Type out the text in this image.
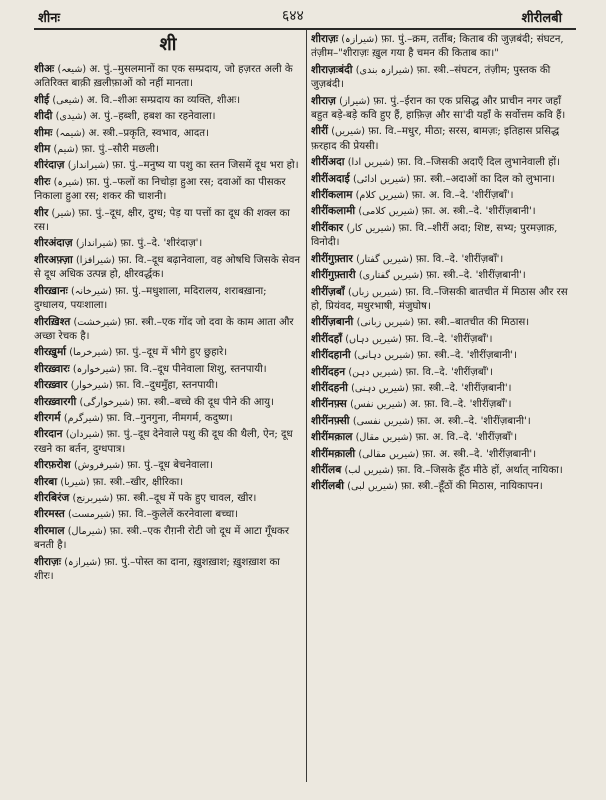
शीनः	६४४	शीरीलबी
शी
शीअः (شیعہ) अ. पुं.–मुसलमानों का एक सम्प्रदाय, जो हज़रत अली के अतिरिक्त बाक़ी ख़लीफ़ाओं को नहीं मानता।
शीई (شیعی) अ. वि.–शीअः सम्प्रदाय का व्यक्ति, शीअः।
शीदी (شیدی) अ. पुं.–हब्शी, हबश का रहनेवाला।
शीमः (شیمہ) अ. स्त्री.–प्रकृति, स्वभाव, आदत।
शीम (شیم) फ़ा. पुं.–सौरी मछली।
शीरंदाज़ (شیرانداز) फ़ा. पुं.–मनुष्य या पशु का स्तन जिसमें दूध भरा हो।
शीरः (شیرہ) फ़ा. पुं.–फलों का निचोड़ा हुआ रस; दवाओं का पीसकर निकाला हुआ रस; शकर की चाशनी।
शीर (شیر) फ़ा. पुं.–दूध, क्षीर, दुग्ध; पेड़ या पत्तों का दूध की शक्ल का रस।
शीरअंदाज़ (شیرانداز) फ़ा. पुं.–दे. 'शीरंदाज़'।
शीरअफ़्ज़ा (شیرافزا) फ़ा. वि.–दूध बढ़ानेवाला, वह ओषधि जिसके सेवन से दूध अधिक उत्पन्न हो, क्षीरवर्द्धक।
शीरख़ानः (شیرخانہ) फ़ा. पुं.–मधुशाला, मदिरालय, शराबख़ाना; दुग्धालय, पयःशाला।
शीरख़िश्त (شیرخشت) फ़ा. स्त्री.–एक गोंद जो दवा के काम आता और अच्छा रेचक है।
शीरख़ुर्मा (شیرخرما) फ़ा. पुं.–दूध में भीगे हुए छुहारे।
शीरख़्वारः (شیرخوارہ) फ़ा. वि.–दूध पीनेवाला शिशु, स्तनपायी।
शीरख़्वार (شیرخوار) फ़ा. वि.–दुधमुँहा, स्तनपायी।
शीरख़्वारगी (شیرخوارگی) फ़ा. स्त्री.–बच्चे की दूध पीने की आयु।
शीरगर्म (شیرگرم) फ़ा. वि.–गुनगुना, नीमगर्म, कदुष्ण।
शीरदान (شیردان) फ़ा. पुं.–दूध देनेवाले पशु की दूध की थैली, ऐन; दूध रखने का बर्तन, दुग्धपात्र।
शीरफ़रोश (شیرفروش) फ़ा. पुं.–दूध बेचनेवाला।
शीरबा (شیربا) फ़ा. स्त्री.–खीर, क्षीरिका।
शीरबिरंज (شیربرنج) फ़ा. स्त्री.–दूध में पके हुए चावल, खीर।
शीरमस्त (شیرمست) फ़ा. वि.–कुलेलें करनेवाला बच्चा।
शीरमाल (شیرمال) फ़ा. स्त्री.–एक रौग़नी रोटी जो दूध में आटा गूँधकर बनती है।
शीराज़ः (شیرازہ) फ़ा. पुं.–पोस्त का दाना, ख़ुशख़ाश; ख़ुशख़ाश का शीरः।
शीराज़ः (شیرازہ) फ़ा. पुं.–क्रम, तर्तीब; किताब की जुज़बंदी; संघटन, तंज़ीम–"शीराज़ः ख़ुल गया है चमन की किताब का।"
शीराज़ःबंदी (شیرازہ بندی) फ़ा. स्त्री.–संघटन, तंज़ीम; पुस्तक की जुज़बंदी।
शीराज़ (شیراز) फ़ा. पुं.–ईरान का एक प्रसिद्ध और प्राचीन नगर जहाँ बहुत बड़े-बड़े कवि हुए हैं, हाफ़िज़ और सा'दी यहाँ के सर्वोत्तम कवि हैं।
शीरीं (شیریں) फ़ा. वि.–मधुर, मीठा; सरस, बामज़ः; इतिहास प्रसिद्ध फ़रहाद की प्रेयसी।
शीरींअदा (شیریں ادا) फ़ा. वि.–जिसकी अदाएँ दिल लुभानेवाली हों।
शीरींअदाई (شیریں ادائی) फ़ा. स्त्री.–अदाओं का दिल को लुभाना।
शीरींकलाम (شیریں کلام) फ़ा. अ. वि.–दे. 'शीरींज़बाँ'।
शीरींकलामी (شیریں کلامی) फ़ा. अ. स्त्री.–दे. 'शीरींज़बानी'।
शीरींकार (شیریں کار) फ़ा. वि.–शीरीं अदा; शिष्ट, सभ्य; पुरमज़ाक़, विनोदी।
शीरींगुफ़्तार (شیریں گفتار) फ़ा. वि.–दे. 'शीरींज़बाँ'।
शीरींगुफ़्तारी (شیریں گفتاری) फ़ा. स्त्री.–दे. 'शीरींज़बानी'।
शीरींज़बाँ (شیریں زباں) फ़ा. वि.–जिसकी बातचीत में मिठास और रस हो, प्रियंवद, मधुरभाषी, मंजुघोष।
शीरींज़बानी (شیریں زبانی) फ़ा. स्त्री.–बातचीत की मिठास।
शीरींदहाँ (شیریں دہاں) फ़ा. वि.–दे. 'शीरींज़बाँ'।
शीरींदहानी (شیریں دہانی) फ़ा. स्त्री.–दे. 'शीरींज़बानी'।
शीरींदहन (شیریں دہن) फ़ा. वि.–दे. 'शीरींज़बाँ'।
शीरींदहनी (شیریں دہنی) फ़ा. स्त्री.–दे. 'शीरींज़बानी'।
शीरींनफ़्स (شیریں نفس) अ. फ़ा. वि.–दे. 'शीरींज़बाँ'।
शीरींनफ़्सी (شیریں نفسی) फ़ा. अ. स्त्री.–दे. 'शीरींज़बानी'।
शीरींमक़ाल (شیریں مقال) फ़ा. अ. वि.–दे. 'शीरींज़बाँ'।
शीरींमक़ाली (شیریں مقالی) फ़ा. अ. स्त्री.–दे. 'शीरींज़बानी'।
शीरींलब (شیریں لب) फ़ा. वि.–जिसके हूँठ मीठे हों, अर्थात् नायिका।
शीरींलबी (شیریں لبی) फ़ा. स्त्री.–हूँठों की मिठास, नायिकापन।
